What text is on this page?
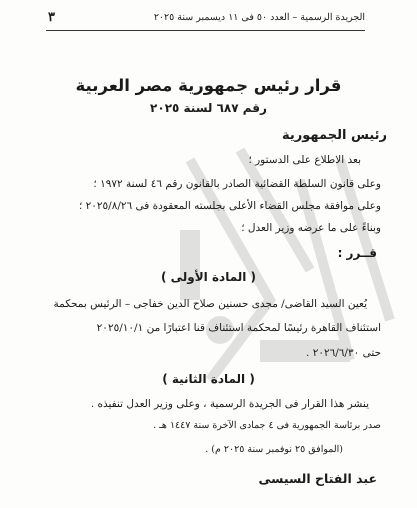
الجريدة الرسمية – العدد ٥٠ فى ١١ ديسمبر سنة ٢٠٢٥
٣
قرار رئيس جمهورية مصر العربية
رقم ٦٨٧ لسنة ٢٠٢٥
رئيس الجمهورية
بعد الاطلاع على الدستور ؛
وعلى قانون السلطة القضائية الصادر بالقانون رقم ٤٦ لسنة ١٩٧٢ ؛
وعلى موافقة مجلس القضاء الأعلى بجلسته المعقودة فى ٢٠٢٥/٨/٢٦ ؛
وبناءً على ما عرضه وزير العدل ؛
قــرر :
( المادة الأولى )
يُعين السيد القاضى/ مجدى حسنين صلاح الدين خفاجى – الرئيس بمحكمة
استئناف القاهرة رئيسًا لمحكمة استئناف قنا اعتبارًا من ٢٠٢٥/١٠/١
حتى ٢٠٢٦/٦/٣٠ .
( المادة الثانية )
ينشر هذا القرار فى الجريدة الرسمية ، وعلى وزير العدل تنفيذه .
صدر برئاسة الجمهورية فى ٤ جمادى الآخرة سنة ١٤٤٧ هـ .
(الموافق ٢٥ نوفمبر سنة ٢٠٢٥ م) .
عبد الفتاح السيسى
